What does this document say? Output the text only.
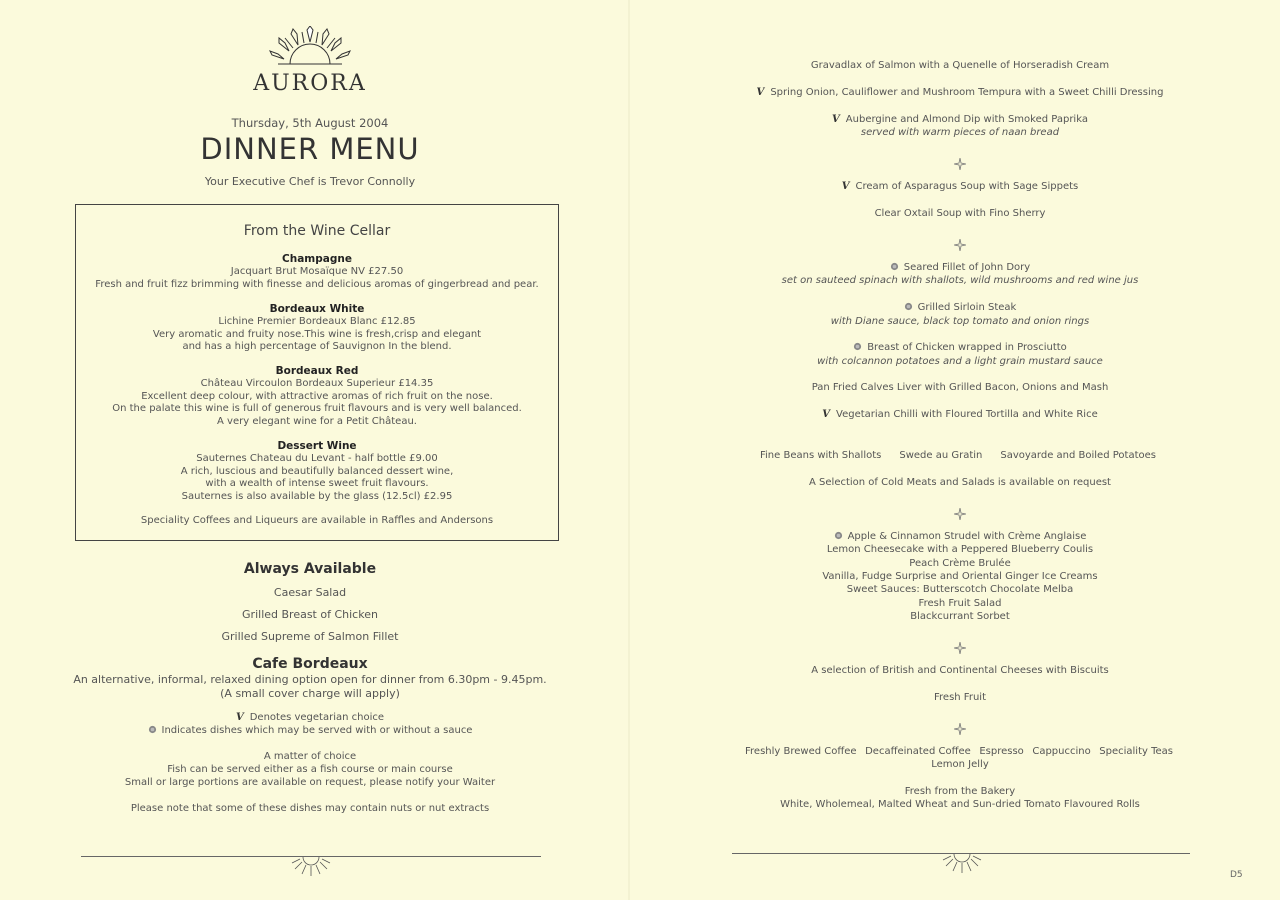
AURORA
Thursday, 5th August 2004
DINNER MENU
Your Executive Chef is Trevor Connolly
From the Wine Cellar
Champagne
Jacquart Brut Mosaïque NV £27.50
Fresh and fruit fizz brimming with finesse and delicious aromas of gingerbread and pear.
Bordeaux White
Lichine Premier Bordeaux Blanc £12.85
Very aromatic and fruity nose.This wine is fresh,crisp and elegant
and has a high percentage of Sauvignon In the blend.
Bordeaux Red
Château Vircoulon Bordeaux Superieur £14.35
Excellent deep colour, with attractive aromas of rich fruit on the nose.
On the palate this wine is full of generous fruit flavours and is very well balanced.
A very elegant wine for a Petit Château.
Dessert Wine
Sauternes Chateau du Levant - half bottle £9.00
A rich, luscious and beautifully balanced dessert wine,
with a wealth of intense sweet fruit flavours.
Sauternes is also available by the glass (12.5cl) £2.95
Speciality Coffees and Liqueurs are available in Raffles and Andersons
Always Available
Caesar Salad
Grilled Breast of Chicken
Grilled Supreme of Salmon Fillet
Cafe Bordeaux
An alternative, informal, relaxed dining option open for dinner from 6.30pm - 9.45pm.
(A small cover charge will apply)
V Denotes vegetarian choice
Indicates dishes which may be served with or without a sauce
A matter of choice
Fish can be served either as a fish course or main course
Small or large portions are available on request, please notify your Waiter
Please note that some of these dishes may contain nuts or nut extracts
Gravadlax of Salmon with a Quenelle of Horseradish Cream
V Spring Onion, Cauliflower and Mushroom Tempura with a Sweet Chilli Dressing
V Aubergine and Almond Dip with Smoked Paprika
served with warm pieces of naan bread
V Cream of Asparagus Soup with Sage Sippets
Clear Oxtail Soup with Fino Sherry
Seared Fillet of John Dory
set on sauteed spinach with shallots, wild mushrooms and red wine jus
Grilled Sirloin Steak
with Diane sauce, black top tomato and onion rings
Breast of Chicken wrapped in Prosciutto
with colcannon potatoes and a light grain mustard sauce
Pan Fried Calves Liver with Grilled Bacon, Onions and Mash
V Vegetarian Chilli with Floured Tortilla and White Rice
Fine Beans with Shallots Swede au Gratin Savoyarde and Boiled Potatoes
A Selection of Cold Meats and Salads is available on request
Apple & Cinnamon Strudel with Crème Anglaise
Lemon Cheesecake with a Peppered Blueberry Coulis
Peach Crème Brulée
Vanilla, Fudge Surprise and Oriental Ginger Ice Creams
Sweet Sauces: Butterscotch Chocolate Melba
Fresh Fruit Salad
Blackcurrant Sorbet
A selection of British and Continental Cheeses with Biscuits
Fresh Fruit
Freshly Brewed Coffee Decaffeinated Coffee Espresso Cappuccino Speciality Teas
Lemon Jelly
Fresh from the Bakery
White, Wholemeal, Malted Wheat and Sun-dried Tomato Flavoured Rolls
D5
